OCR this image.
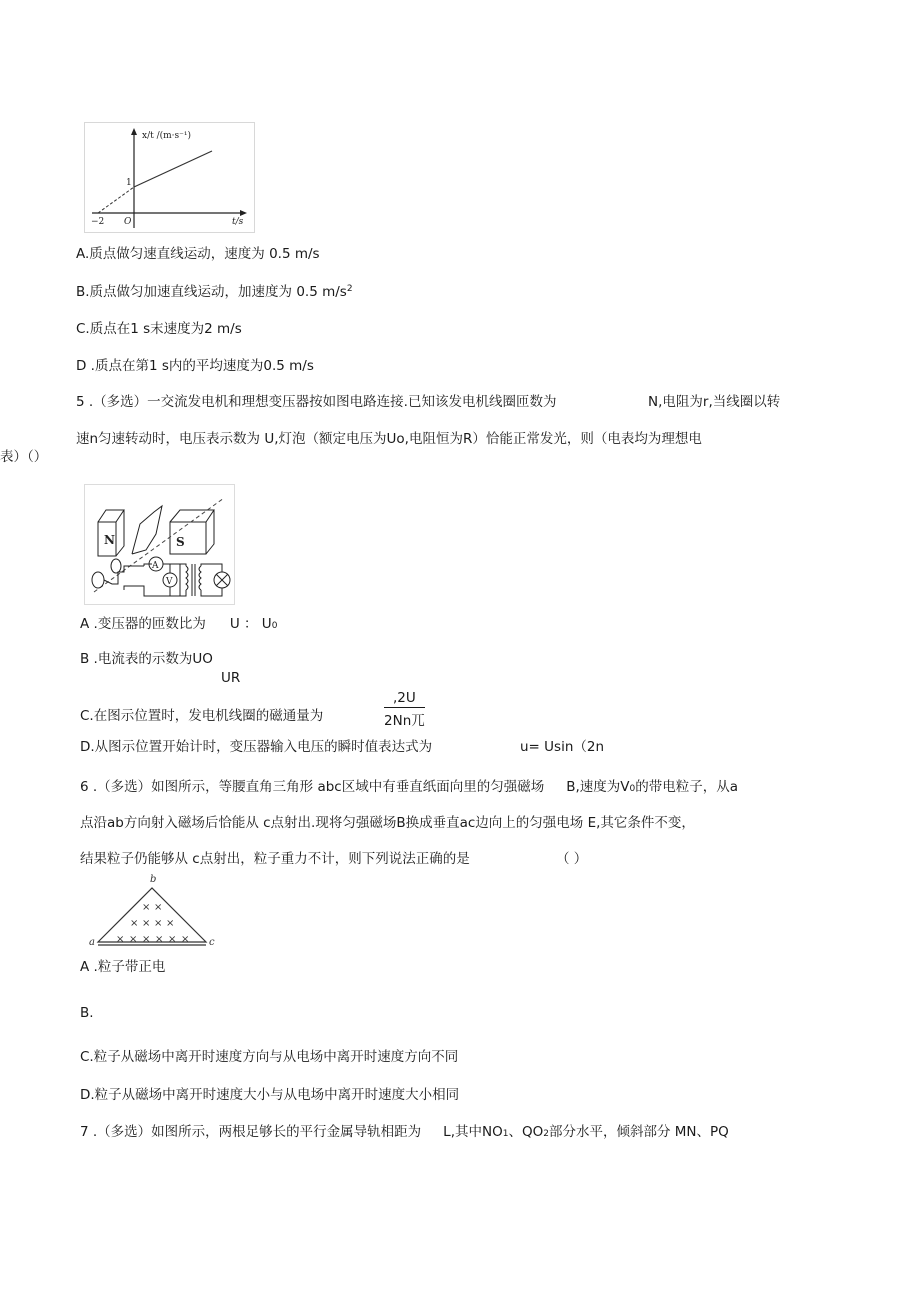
x/t /(m·s⁻¹)
1
−2 O	t/s
A.质点做匀速直线运动，速度为 0.5 m/s
B.质点做匀加速直线运动，加速度为 0.5 $m/s^2$
C.质点在1 s末速度为2 m/s
D .质点在第1 s内的平均速度为0.5 m/s
5 .（多选）一交流发电机和理想变压器按如图电路连接.已知该发电机线圈匝数为	N,电阻为r,当线圈以转
速n匀速转动时，电压表示数为 U,灯泡（额定电压为Uo,电阻恒为R）恰能正常发光，则（电表均为理想电
表）（）
N	S
A
V
A .变压器的匝数比为 U ： U0
B .电流表的示数为UO
UR
C.在图示位置时，发电机线圈的磁通量为
,2U
2Nn兀
D.从图示位置开始计时，变压器输入电压的瞬时值表达式为	u= Usin（2n
6 .（多选）如图所示，等腰直角三角形 abc区域中有垂直纸面向里的匀强磁场 B,速度为V0的带电粒子，从a
点沿ab方向射入磁场后恰能从 c点射出.现将匀强磁场B换成垂直ac边向上的匀强电场 E,其它条件不变，
结果粒子仍能够从 c点射出，粒子重力不计，则下列说法正确的是	（ ）
a
b
c
× ×
× × × ×
× × × × × ×
A .粒子带正电
B.
C.粒子从磁场中离开时速度方向与从电场中离开时速度方向不同
D.粒子从磁场中离开时速度大小与从电场中离开时速度大小相同
7 .（多选）如图所示，两根足够长的平行金属导轨相距为 L,其中NO1、QO2部分水平，倾斜部分 MN、PQ
